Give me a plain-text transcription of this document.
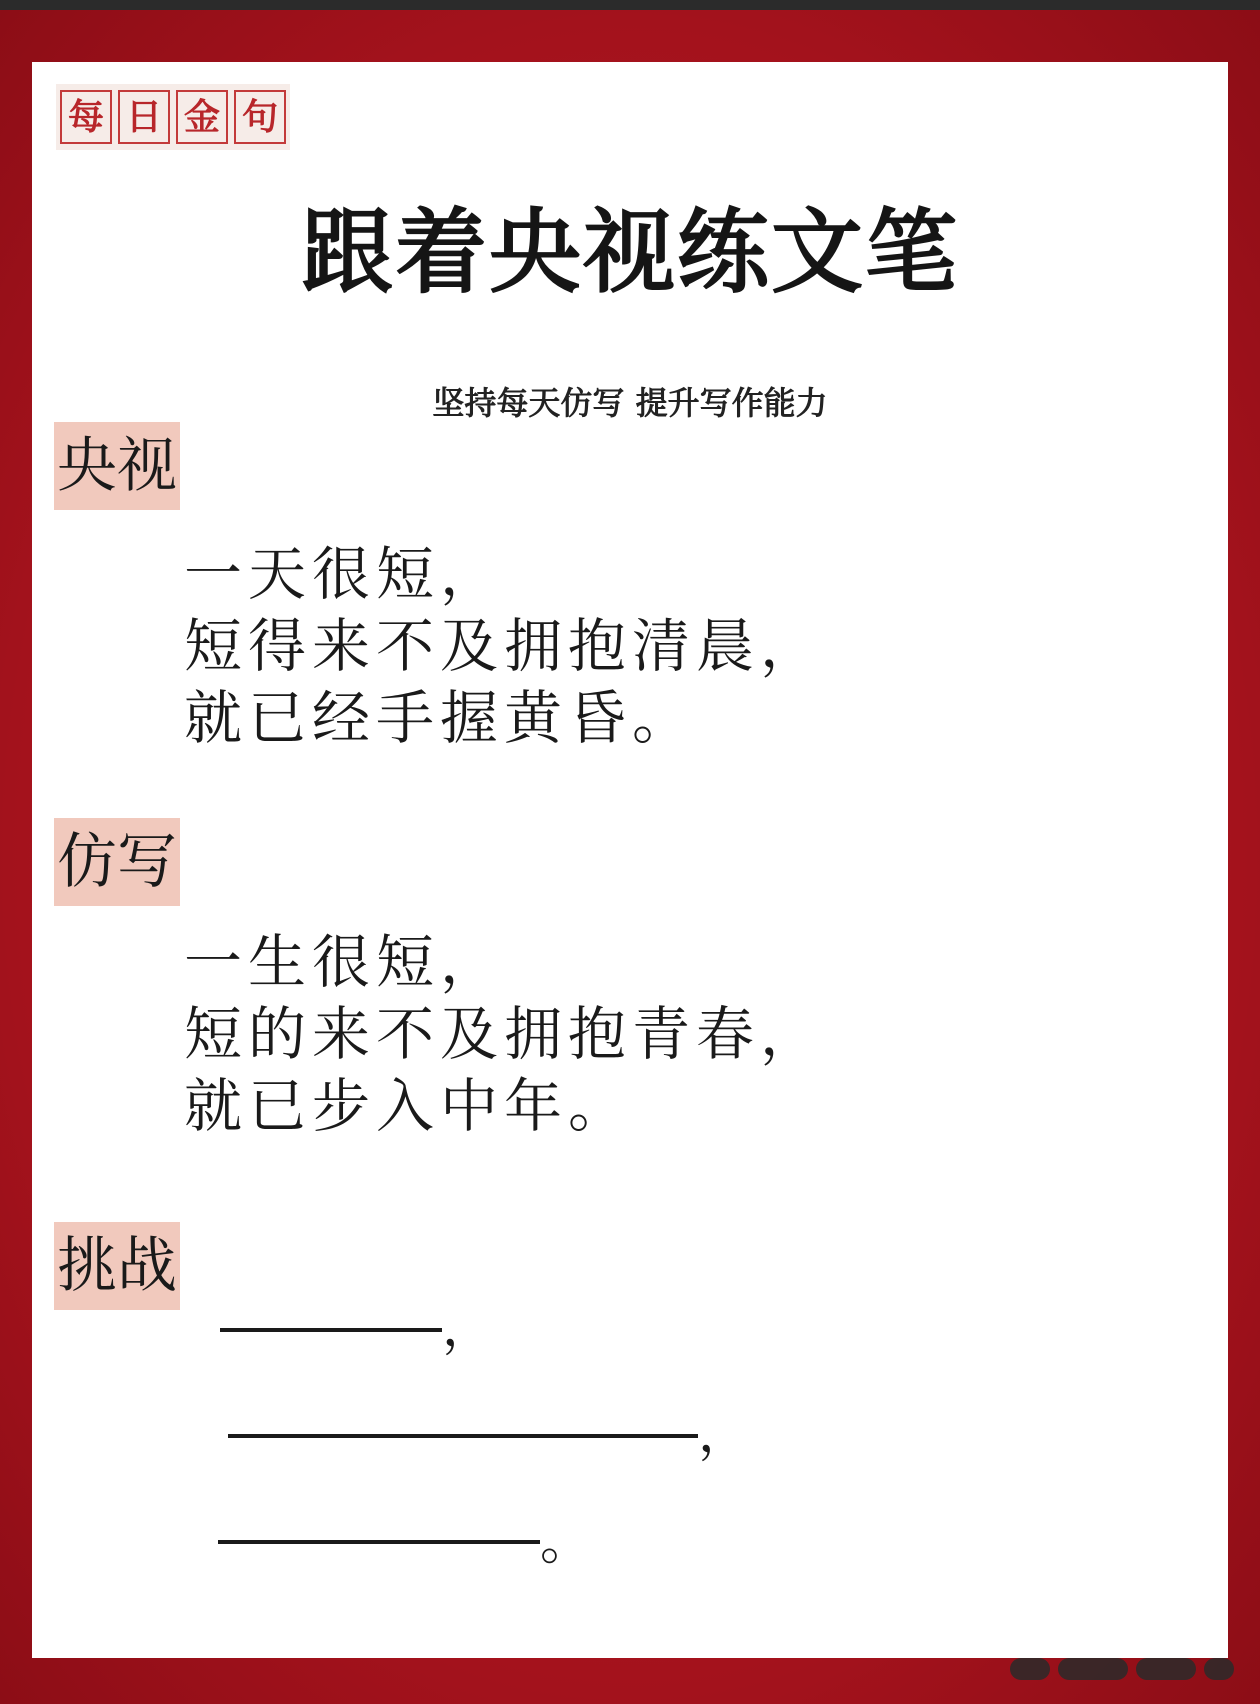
每 日 金 句
跟着央视练文笔
坚持每天仿写 提升写作能力
央视
一天很短，
短得来不及拥抱清晨，
就已经手握黄昏。
仿写
一生很短，
短的来不及拥抱青春，
就已步入中年。
挑战
，
，
。
